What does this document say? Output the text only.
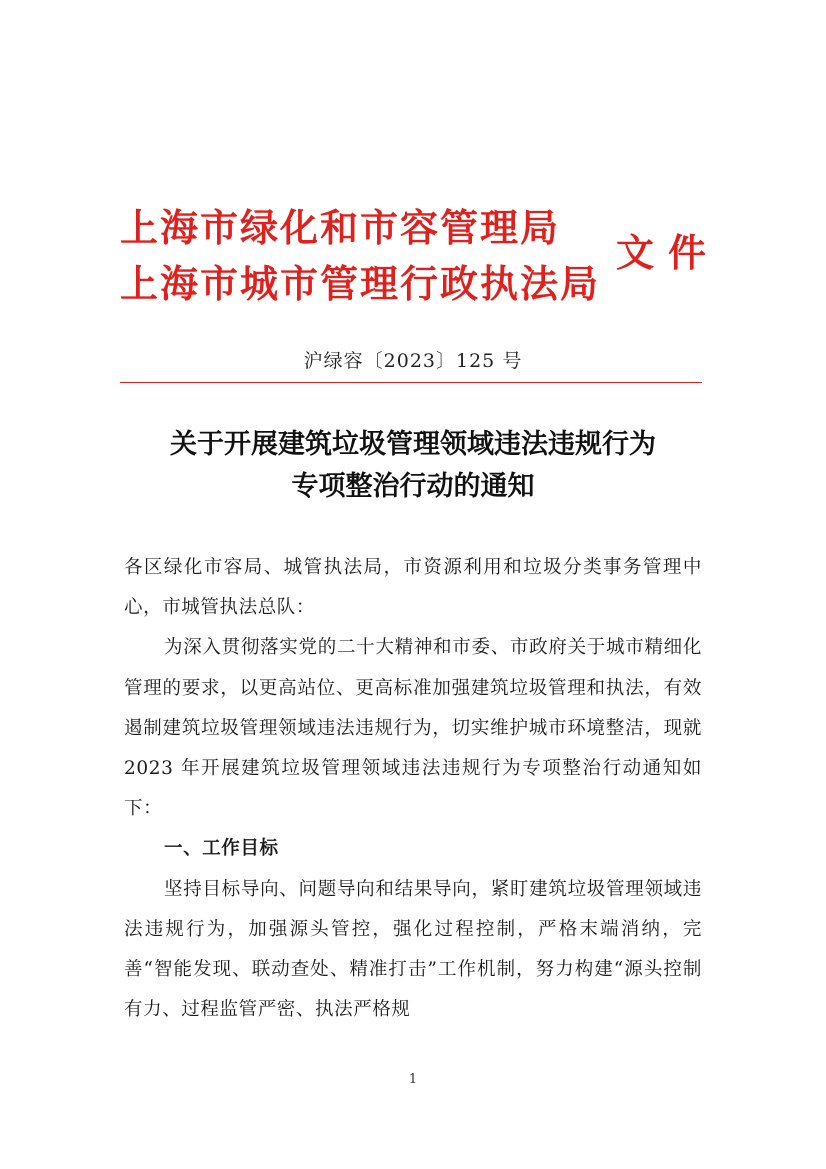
上海市绿化和市容管理局
上海市城市管理行政执法局
文件
沪绿容〔2023〕125 号
关于开展建筑垃圾管理领域违法违规行为
专项整治行动的通知

各区绿化市容局、城管执法局，市资源利用和垃圾分类事务管理中心，市城管执法总队：

为深入贯彻落实党的二十大精神和市委、市政府关于城市精细化管理的要求，以更高站位、更高标准加强建筑垃圾管理和执法，有效遏制建筑垃圾管理领域违法违规行为，切实维护城市环境整洁，现就 2023 年开展建筑垃圾管理领域违法违规行为专项整治行动通知如下：

一、工作目标

坚持目标导向、问题导向和结果导向，紧盯建筑垃圾管理领域违法违规行为，加强源头管控，强化过程控制，严格末端消纳，完善“智能发现、联动查处、精准打击”工作机制，努力构建“源头控制有力、过程监管严密、执法严格规

1
